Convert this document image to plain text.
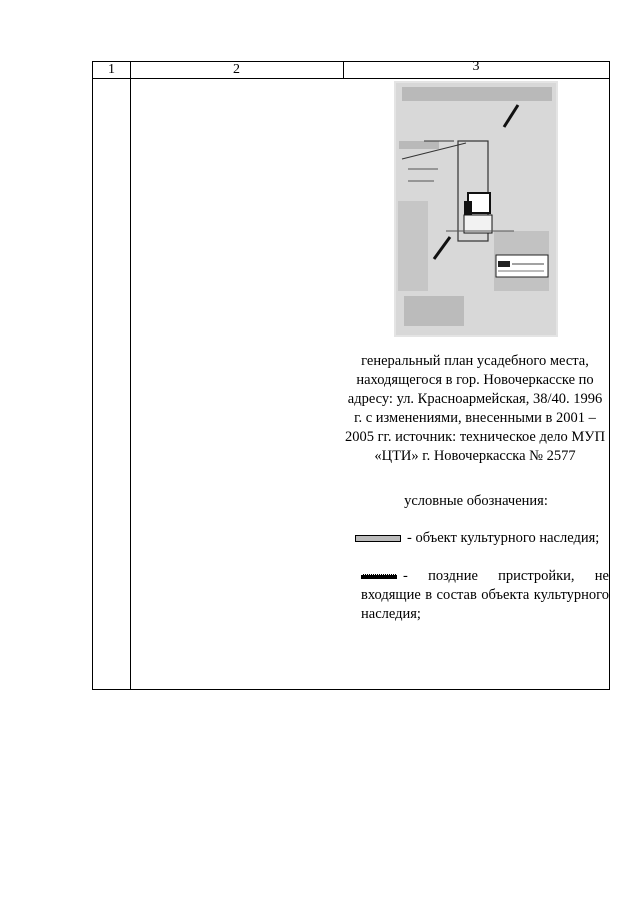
1	2	3
генеральный план усадебного места, находящегося в гор. Новочеркасске по адресу: ул. Красноармейская, 38/40. 1996 г. с изменениями, внесенными в 2001 – 2005 гг. источник: техническое дело МУП «ЦТИ» г. Новочеркасска № 2577
условные обозначения:
- объект культурного наследия;
- поздние пристройки, не входящие в состав объекта культурного наследия;
